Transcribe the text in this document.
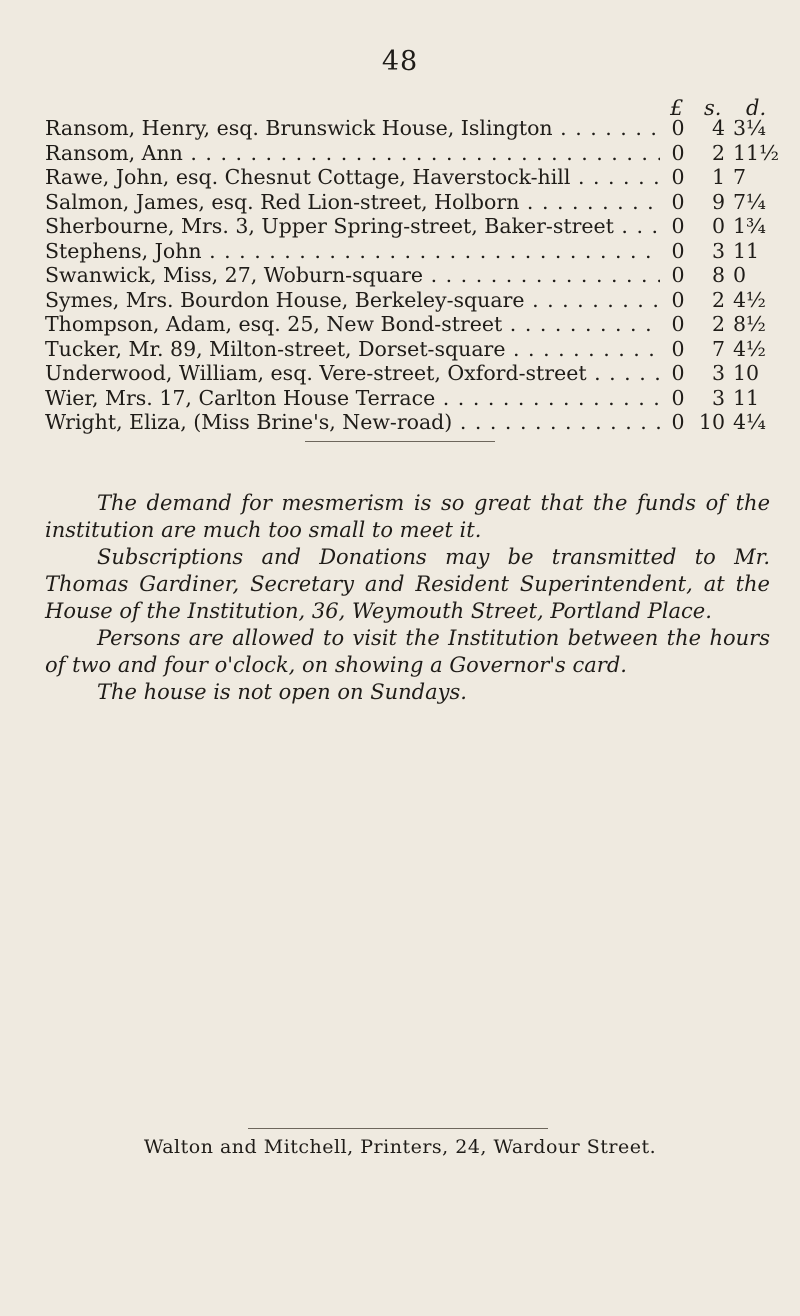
48
£ s. d.
Ransom, Henry, esq. Brunswick House, Islington . . .	0	4 3¼
Ransom, Ann . . .	0	2 11½
Rawe, John, esq. Chesnut Cottage, Haverstock-hill . . .	0	1 7
Salmon, James, esq. Red Lion-street, Holborn . . .	0	9 7¼
Sherbourne, Mrs. 3, Upper Spring-street, Baker-street . . .	0	0 1¾
Stephens, John . . .	0	3 11
Swanwick, Miss, 27, Woburn-square . . .	0	8 0
Symes, Mrs. Bourdon House, Berkeley-square . . .	0	2 4½
Thompson, Adam, esq. 25, New Bond-street . . .	0	2 8½
Tucker, Mr. 89, Milton-street, Dorset-square . . .	0	7 4½
Underwood, William, esq. Vere-street, Oxford-street . . .	0	3 10
Wier, Mrs. 17, Carlton House Terrace . . .	0	3 11
Wright, Eliza, (Miss Brine's, New-road) . . .	0 10 4¼

The demand for mesmerism is so great that the funds of the institution are much too small to meet it.

Subscriptions and Donations may be transmitted to Mr. Thomas Gardiner, Secretary and Resident Superintendent, at the House of the Institution, 36, Weymouth Street, Portland Place.

Persons are allowed to visit the Institution between the hours of two and four o'clock, on showing a Governor's card.

The house is not open on Sundays.

Walton and Mitchell, Printers, 24, Wardour Street.
